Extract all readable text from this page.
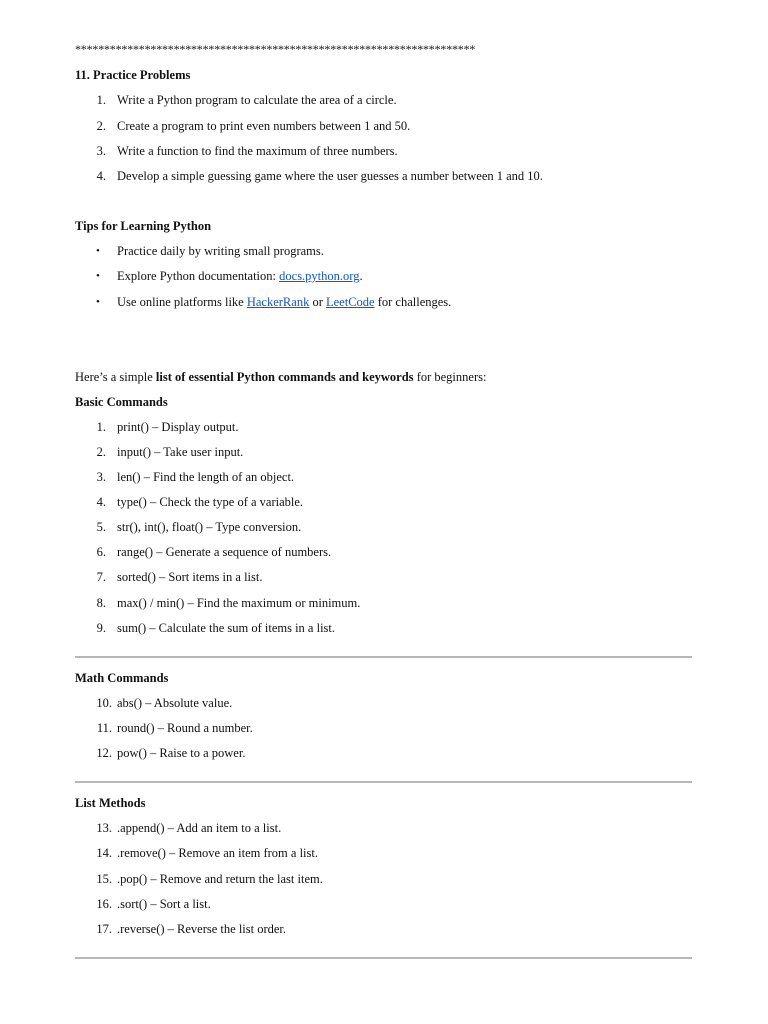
*********************************************************************
11. Practice Problems
1. Write a Python program to calculate the area of a circle.
2. Create a program to print even numbers between 1 and 50.
3. Write a function to find the maximum of three numbers.
4. Develop a simple guessing game where the user guesses a number between 1 and 10.
Tips for Learning Python
• Practice daily by writing small programs.
• Explore Python documentation: docs.python.org.
• Use online platforms like HackerRank or LeetCode for challenges.
Here’s a simple list of essential Python commands and keywords for beginners:
Basic Commands
1. print() – Display output.
2. input() – Take user input.
3. len() – Find the length of an object.
4. type() – Check the type of a variable.
5. str(), int(), float() – Type conversion.
6. range() – Generate a sequence of numbers.
7. sorted() – Sort items in a list.
8. max() / min() – Find the maximum or minimum.
9. sum() – Calculate the sum of items in a list.
Math Commands
10. abs() – Absolute value.
11. round() – Round a number.
12. pow() – Raise to a power.
List Methods
13. .append() – Add an item to a list.
14. .remove() – Remove an item from a list.
15. .pop() – Remove and return the last item.
16. .sort() – Sort a list.
17. .reverse() – Reverse the list order.
